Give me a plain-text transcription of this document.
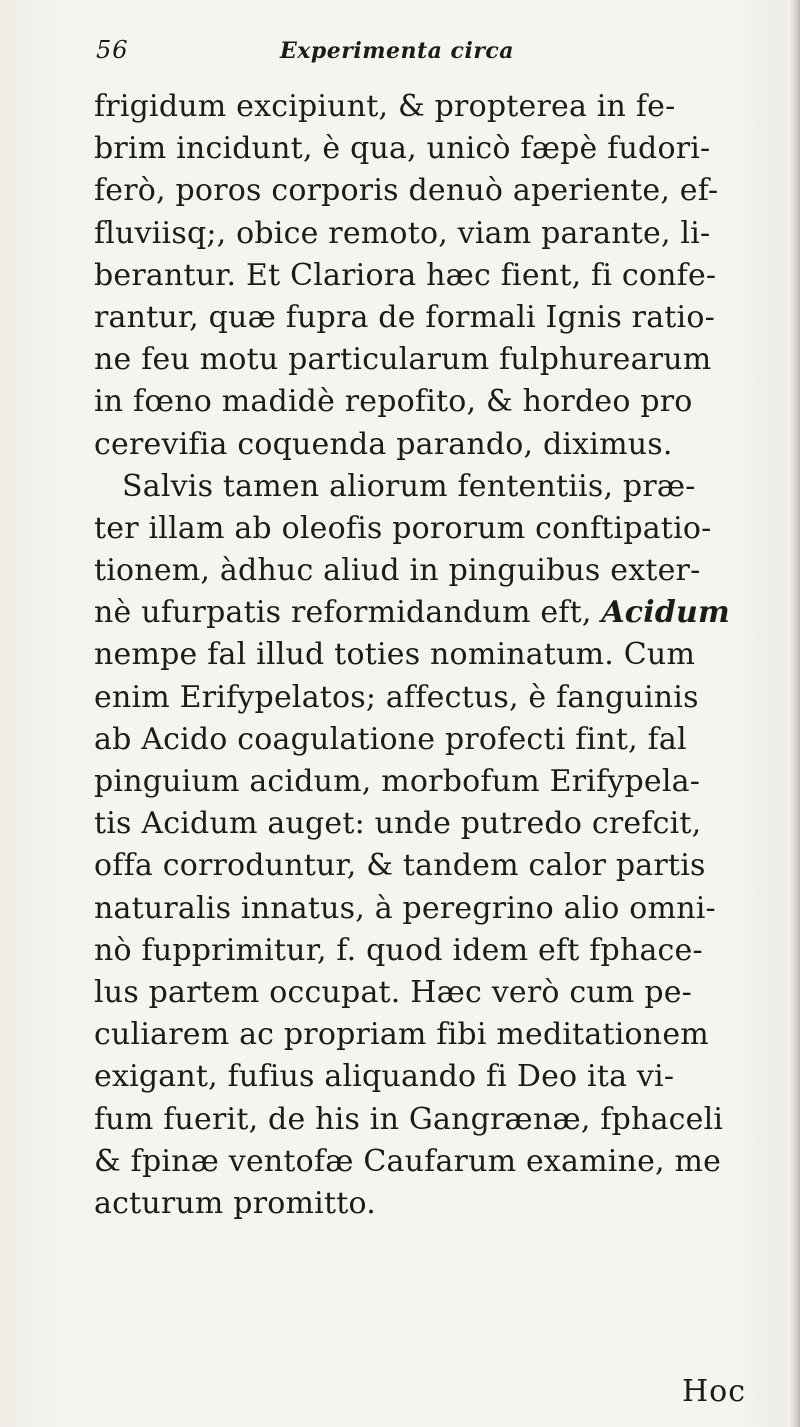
56	Experimenta circa
frigidum excipiunt, & propterea in fe-
brim incidunt, è qua, unicò fæpè fudori-
ferò, poros corporis denuò aperiente, ef-
fluviisq;, obice remoto, viam parante, li-
berantur. Et Clariora hæc fient, fi confe-
rantur, quæ fupra de formali Ignis ratio-
ne feu motu particularum fulphurearum
in fœno madidè repofito, & hordeo pro
cerevifia coquenda parando, diximus.
Salvis tamen aliorum fententiis, præ-
ter illam ab oleofis pororum conftipatio-
tionem, àdhuc aliud in pinguibus exter-
nè ufurpatis reformidandum eft, Acidum
nempe fal illud toties nominatum. Cum
enim Erifypelatos; affectus, è fanguinis
ab Acido coagulatione profecti fint, fal
pinguium acidum, morbofum Erifypela-
tis Acidum auget: unde putredo crefcit,
offa corroduntur, & tandem calor partis
naturalis innatus, à peregrino alio omni-
nò fupprimitur, f. quod idem eft fphace-
lus partem occupat. Hæc verò cum pe-
culiarem ac propriam fibi meditationem
exigant, fufius aliquando fi Deo ita vi-
fum fuerit, de his in Gangrænæ, fphaceli
& fpinæ ventofæ Caufarum examine, me
acturum promitto.
Hoc
